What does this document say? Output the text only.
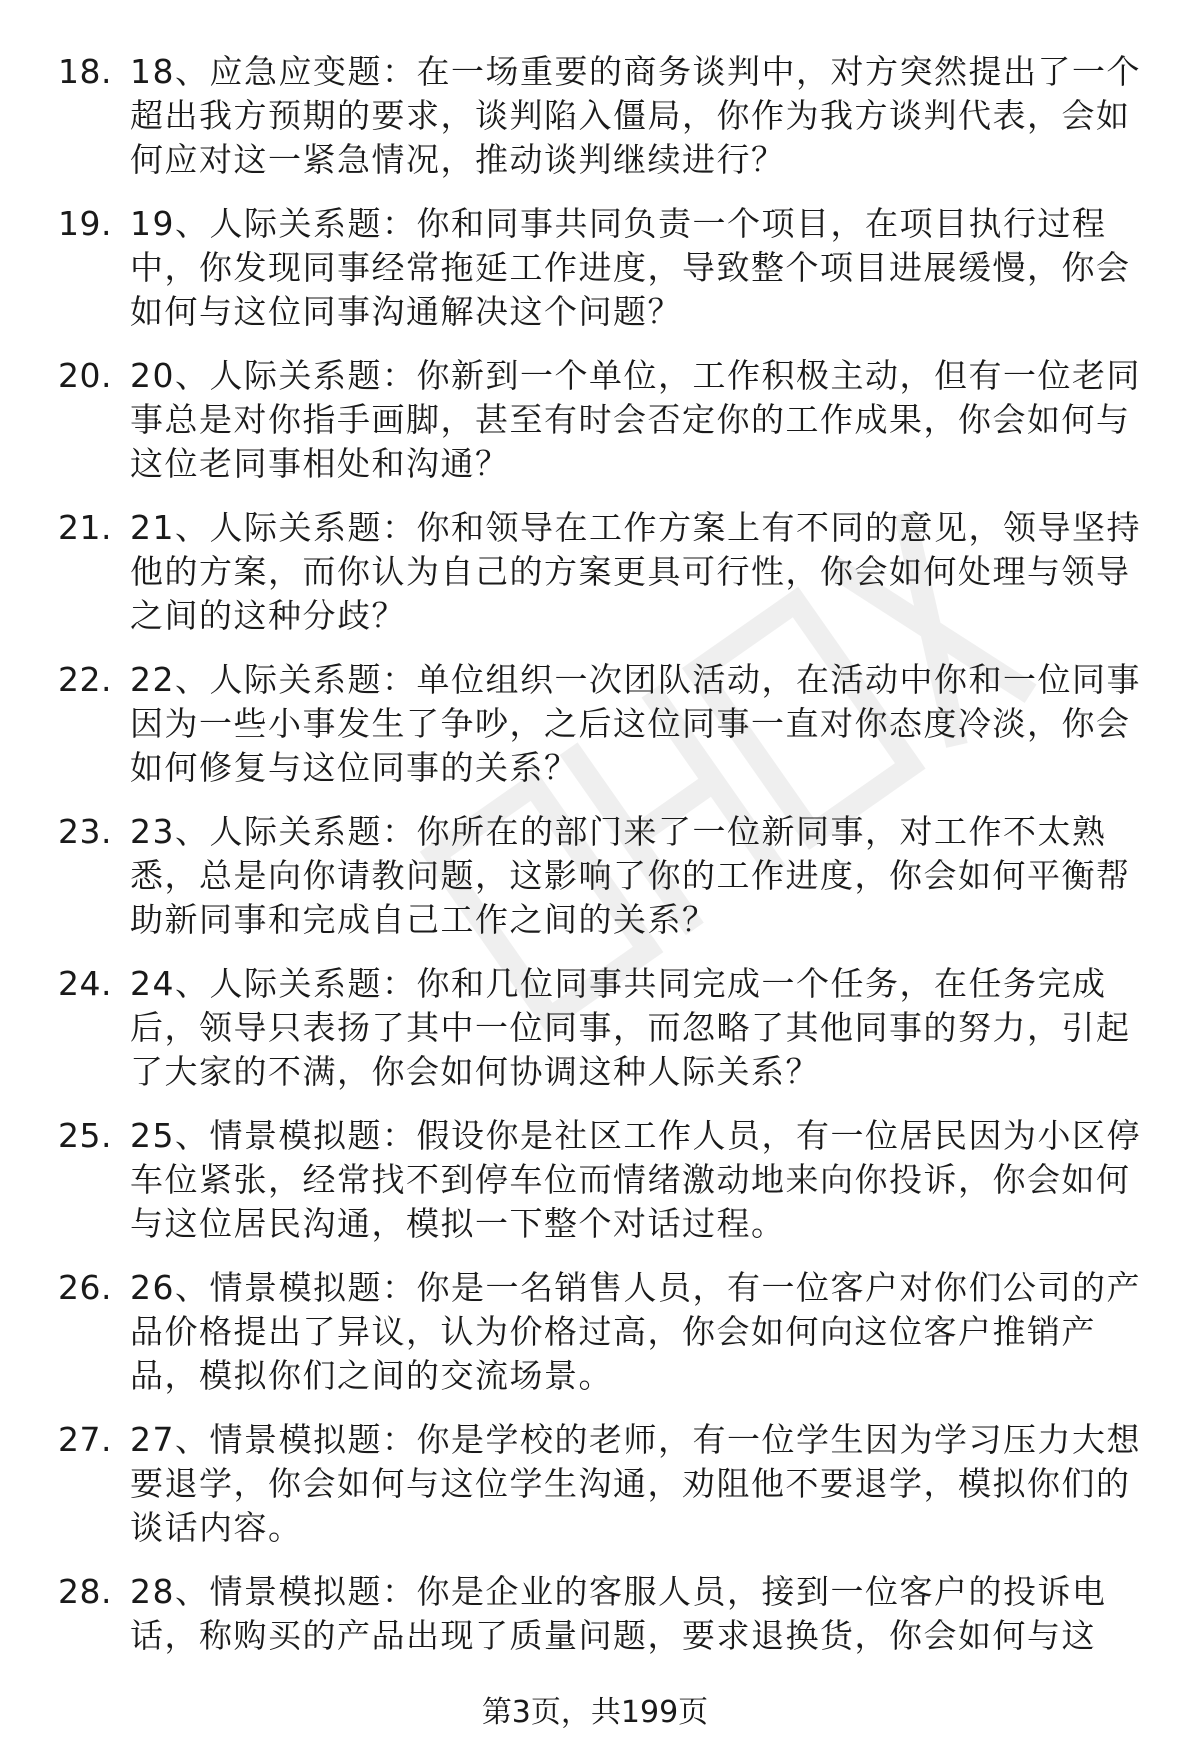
18. 18、应急应变题：在一场重要的商务谈判中，对方突然提出了一个超出我方预期的要求，谈判陷入僵局，你作为我方谈判代表，会如何应对这一紧急情况，推动谈判继续进行？
19. 19、人际关系题：你和同事共同负责一个项目，在项目执行过程中，你发现同事经常拖延工作进度，导致整个项目进展缓慢，你会如何与这位同事沟通解决这个问题？
20. 20、人际关系题：你新到一个单位，工作积极主动，但有一位老同事总是对你指手画脚，甚至有时会否定你的工作成果，你会如何与这位老同事相处和沟通？
21. 21、人际关系题：你和领导在工作方案上有不同的意见，领导坚持他的方案，而你认为自己的方案更具可行性，你会如何处理与领导之间的这种分歧？
22. 22、人际关系题：单位组织一次团队活动，在活动中你和一位同事因为一些小事发生了争吵，之后这位同事一直对你态度冷淡，你会如何修复与这位同事的关系？
23. 23、人际关系题：你所在的部门来了一位新同事，对工作不太熟悉，总是向你请教问题，这影响了你的工作进度，你会如何平衡帮助新同事和完成自己工作之间的关系？
24. 24、人际关系题：你和几位同事共同完成一个任务，在任务完成后，领导只表扬了其中一位同事，而忽略了其他同事的努力，引起了大家的不满，你会如何协调这种人际关系？
25. 25、情景模拟题：假设你是社区工作人员，有一位居民因为小区停车位紧张，经常找不到停车位而情绪激动地来向你投诉，你会如何与这位居民沟通，模拟一下整个对话过程。
26. 26、情景模拟题：你是一名销售人员，有一位客户对你们公司的产品价格提出了异议，认为价格过高，你会如何向这位客户推销产品，模拟你们之间的交流场景。
27. 27、情景模拟题：你是学校的老师，有一位学生因为学习压力大想要退学，你会如何与这位学生沟通，劝阻他不要退学，模拟你们的谈话内容。
28. 28、情景模拟题：你是企业的客服人员，接到一位客户的投诉电话，称购买的产品出现了质量问题，要求退换货，你会如何与这
第3页，共199页
